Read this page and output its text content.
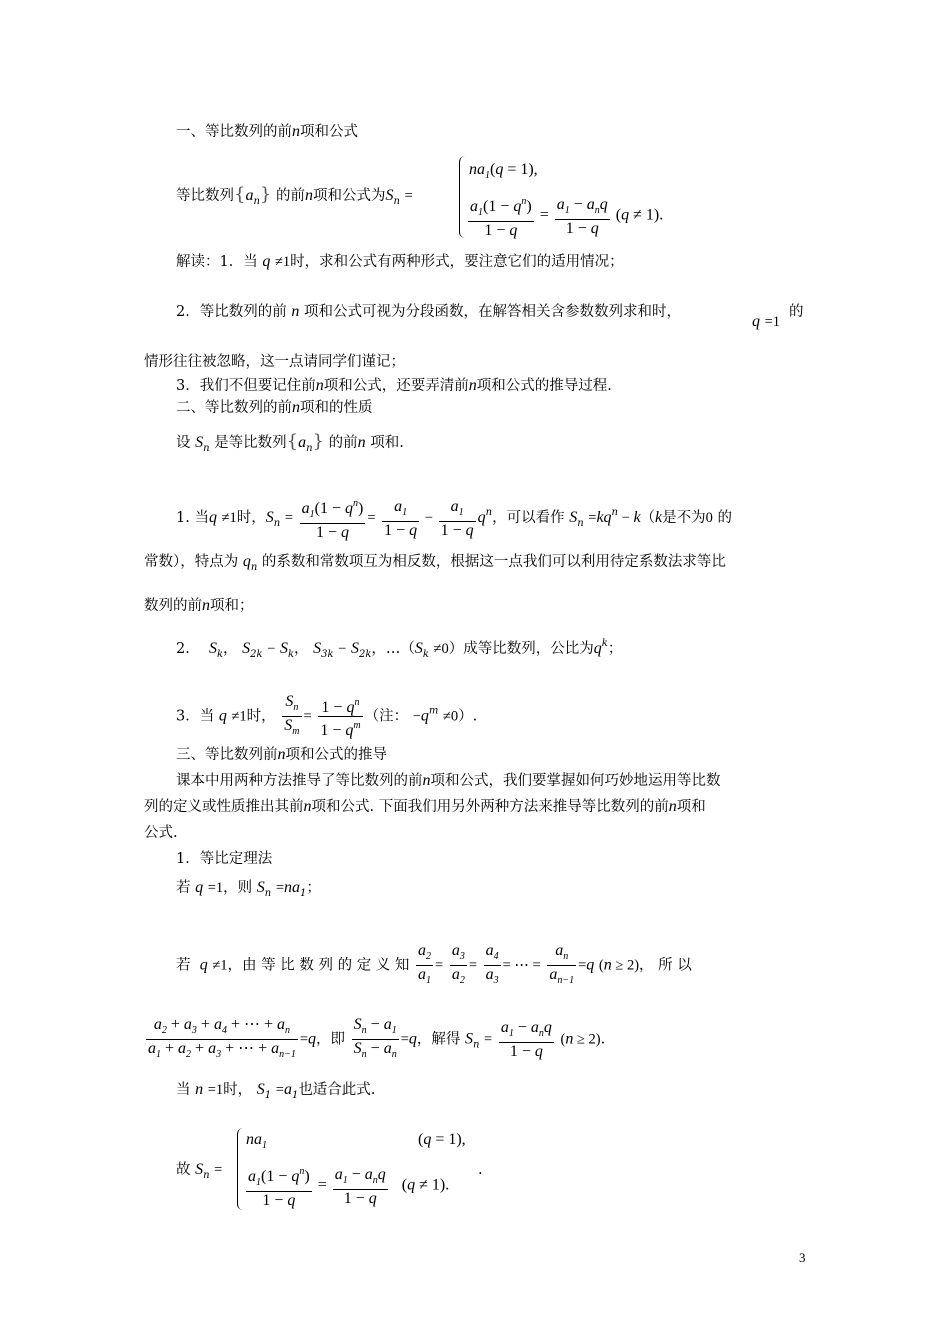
一、等比数列的前n项和公式
等比数列$\{a_n\}$ 的前n项和公式为$S_n$ =
$na_1(q = 1)$,
$\frac{a_1(1 - q^n)}{1 - q} = \frac{a_1 - a_nq}{1 - q} (q \ne 1)$.
解读：1．当 q ≠1时，求和公式有两种形式，要注意它们的适用情况；
2．等比数列的前 n 项和公式可视为分段函数，在解答相关含参数数列求和时，
q =1
的
情形往往被忽略，这一点请同学们谨记；
3．我们不但要记住前n项和公式，还要弄清前n项和公式的推导过程.
二、等比数列的前n项和的性质
设 $S_n$ 是等比数列$\{a_n\}$ 的前n 项和.
1. 当q ≠1时，$S_n = \frac{a_1(1 - q^n)}{1 - q} = \frac{a_1}{1 - q} - \frac{a_1}{1 - q} q^n$，可以看作 $S_n =kq^n - k(k$是不为0 的
常数），特点为 $q_n$ 的系数和常数项互为相反数，根据这一点我们可以利用待定系数法求等比
数列的前n项和；
2．  $S_k$， $S_{2k} - S_k$， $S_{3k} - S_{2k}$，$\dots(S_k \ne 0)$成等比数列，公比为$q^k$；
3．当 q ≠1时， $\frac{S_n}{S_m} = \frac{1 - q^n}{1 - q^m}$ （注： $-q^m \ne 0$）.
三、等比数列前n项和公式的推导
课本中用两种方法推导了等比数列的前n项和公式，我们要掌握如何巧妙地运用等比数
列的定义或性质推出其前n项和公式. 下面我们用另外两种方法来推导等比数列的前n项和
公式.
1．等比定理法
若 q =1，则 $S_n =na_1$；
若  q ≠1，由 等 比 数 列 的 定 义 知 $\frac{a_2}{a_1} = \frac{a_3}{a_2} = \frac{a_4}{a_3}$ = ⋯ = $\frac{a_n}{a_{n-1}} =q$ (n ≥ 2)， 所 以
$\frac{a_2 + a_3 + a_4 + \cdots + a_n}{a_1 + a_2 + a_3 + \cdots + a_{n-1}} =q$，即 $\frac{S_n - a_1}{S_n - a_n} =q$，解得 $S_n = \frac{a_1 - a_nq}{1 - q} (n \ge 2)$.
当 n =1时， $S_1 =a_1$也适合此式.
故 $S_n$ =
$na_1$	(q = 1),
$\frac{a_1(1 - q^n)}{1 - q} = \frac{a_1 - a_nq}{1 - q} (q \ne 1)$.
.
3
